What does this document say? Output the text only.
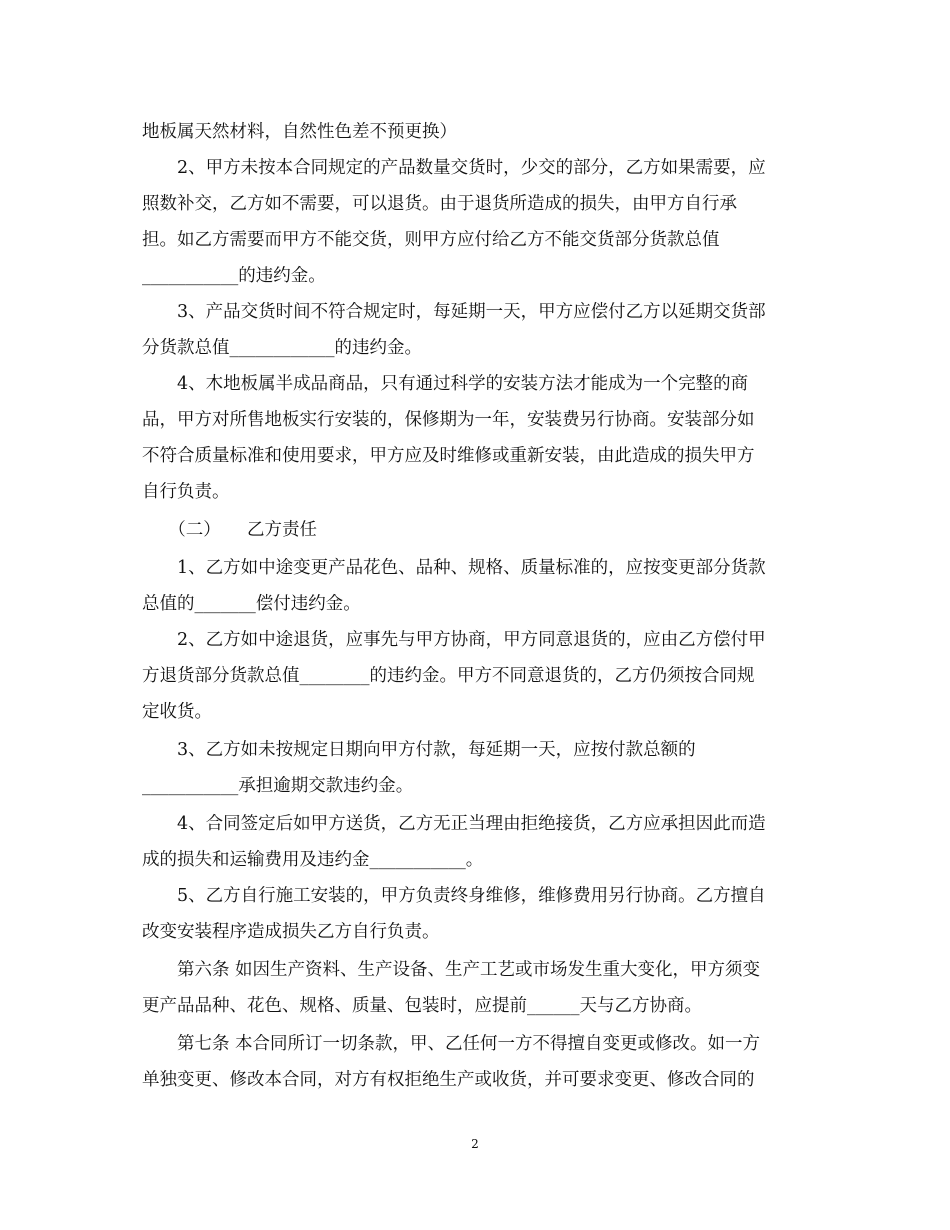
地板属天然材料，自然性色差不预更换）
　　2、甲方未按本合同规定的产品数量交货时，少交的部分，乙方如果需要，应
照数补交，乙方如不需要，可以退货。由于退货所造成的损失，由甲方自行承
担。如乙方需要而甲方不能交货，则甲方应付给乙方不能交货部分货款总值
___________的违约金。
　　3、产品交货时间不符合规定时，每延期一天，甲方应偿付乙方以延期交货部
分货款总值____________的违约金。
　　4、木地板属半成品商品，只有通过科学的安装方法才能成为一个完整的商
品，甲方对所售地板实行安装的，保修期为一年，安装费另行协商。安装部分如
不符合质量标准和使用要求，甲方应及时维修或重新安装，由此造成的损失甲方
自行负责。
　　（二）　　乙方责任
　　1、乙方如中途变更产品花色、品种、规格、质量标准的，应按变更部分货款
总值的_______偿付违约金。
　　2、乙方如中途退货，应事先与甲方协商，甲方同意退货的，应由乙方偿付甲
方退货部分货款总值________的违约金。甲方不同意退货的，乙方仍须按合同规
定收货。
　　3、乙方如未按规定日期向甲方付款，每延期一天，应按付款总额的
___________承担逾期交款违约金。
　　4、合同签定后如甲方送货，乙方无正当理由拒绝接货，乙方应承担因此而造
成的损失和运输费用及违约金___________。
　　5、乙方自行施工安装的，甲方负责终身维修，维修费用另行协商。乙方擅自
改变安装程序造成损失乙方自行负责。
　　第六条 如因生产资料、生产设备、生产工艺或市场发生重大变化，甲方须变
更产品品种、花色、规格、质量、包装时，应提前______天与乙方协商。
　　第七条 本合同所订一切条款，甲、乙任何一方不得擅自变更或修改。如一方
单独变更、修改本合同，对方有权拒绝生产或收货，并可要求变更、修改合同的
2
